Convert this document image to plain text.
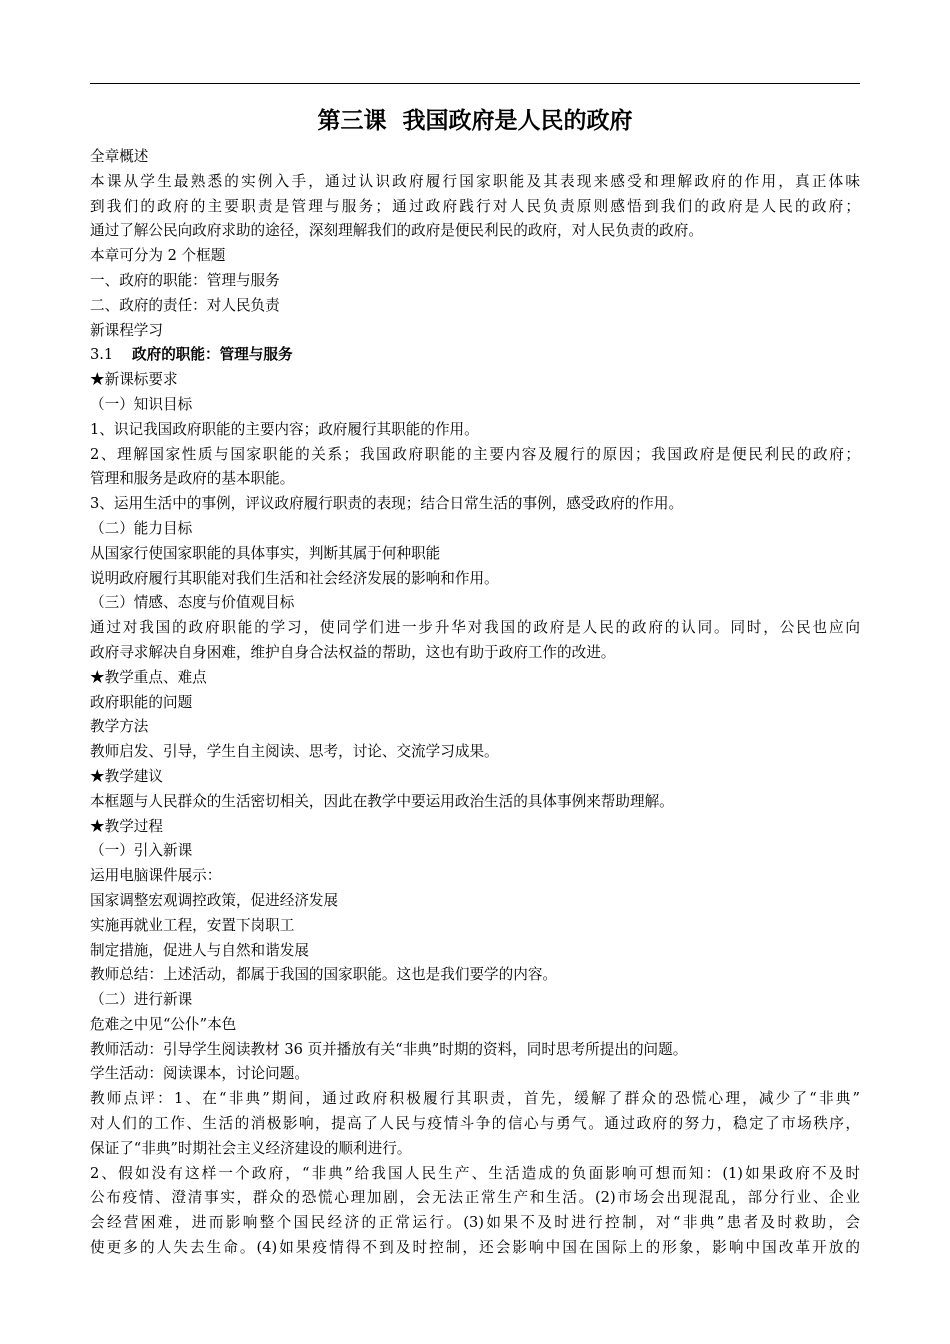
第三课  我国政府是人民的政府
全章概述
本课从学生最熟悉的实例入手，通过认识政府履行国家职能及其表现来感受和理解政府的作用，真正体味
到我们的政府的主要职责是管理与服务；通过政府践行对人民负责原则感悟到我们的政府是人民的政府；
通过了解公民向政府求助的途径，深刻理解我们的政府是便民利民的政府，对人民负责的政府。
本章可分为 2 个框题
一、政府的职能：管理与服务
二、政府的责任：对人民负责
新课程学习
3.1 政府的职能：管理与服务
★新课标要求
（一）知识目标
1、识记我国政府职能的主要内容；政府履行其职能的作用。
2、理解国家性质与国家职能的关系；我国政府职能的主要内容及履行的原因；我国政府是便民利民的政府；
管理和服务是政府的基本职能。
3、运用生活中的事例，评议政府履行职责的表现；结合日常生活的事例，感受政府的作用。
（二）能力目标
从国家行使国家职能的具体事实，判断其属于何种职能
说明政府履行其职能对我们生活和社会经济发展的影响和作用。
（三）情感、态度与价值观目标
通过对我国的政府职能的学习，使同学们进一步升华对我国的政府是人民的政府的认同。同时，公民也应向
政府寻求解决自身困难，维护自身合法权益的帮助，这也有助于政府工作的改进。
★教学重点、难点
政府职能的问题
教学方法
教师启发、引导，学生自主阅读、思考，讨论、交流学习成果。
★教学建议
本框题与人民群众的生活密切相关，因此在教学中要运用政治生活的具体事例来帮助理解。
★教学过程
（一）引入新课
运用电脑课件展示：
国家调整宏观调控政策，促进经济发展
实施再就业工程，安置下岗职工
制定措施，促进人与自然和谐发展
教师总结：上述活动，都属于我国的国家职能。这也是我们要学的内容。
（二）进行新课
危难之中见“公仆”本色
教师活动：引导学生阅读教材 36 页并播放有关“非典”时期的资料，同时思考所提出的问题。
学生活动：阅读课本，讨论问题。
教师点评：1、在“非典”期间，通过政府积极履行其职责，首先，缓解了群众的恐慌心理，减少了“非典”
对人们的工作、生活的消极影响，提高了人民与疫情斗争的信心与勇气。通过政府的努力，稳定了市场秩序，
保证了“非典”时期社会主义经济建设的顺利进行。
2、假如没有这样一个政府，“非典”给我国人民生产、生活造成的负面影响可想而知：(1)如果政府不及时
公布疫情、澄清事实，群众的恐慌心理加剧，会无法正常生产和生活。(2)市场会出现混乱，部分行业、企业
会经营困难，进而影响整个国民经济的正常运行。(3)如果不及时进行控制，对“非典”患者及时救助，会
使更多的人失去生命。(4)如果疫情得不到及时控制，还会影响中国在国际上的形象，影响中国改革开放的
